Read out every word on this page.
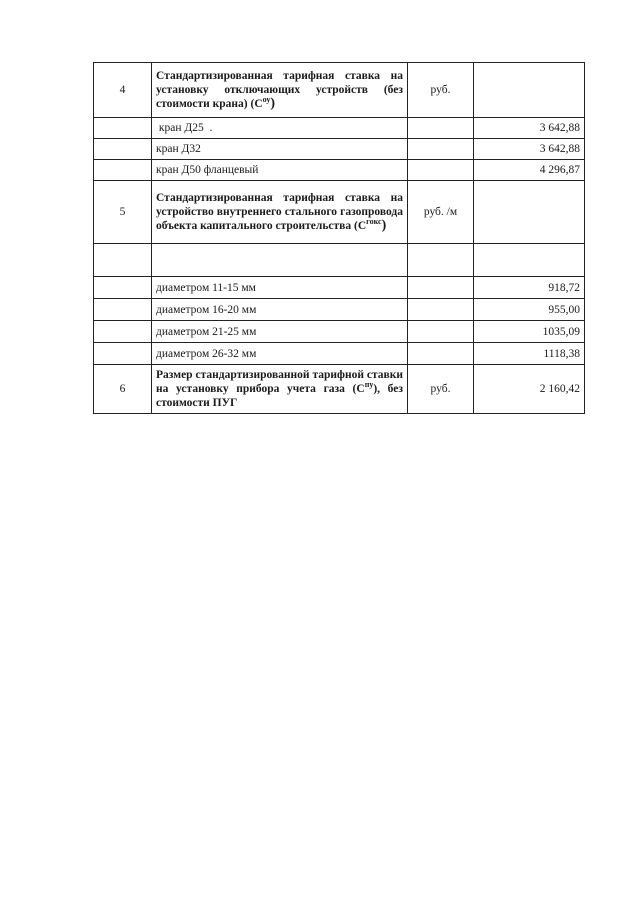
4	Стандартизированная тарифная ставка на установку отключающих устройств (без стоимости крана) $(C^{оу})$	руб.	
	кран Д25  .		3 642,88
	кран Д32		3 642,88
	кран Д50 фланцевый		4 296,87
5	Стандартизированная тарифная ставка на устройство внутреннего стального газопровода объекта капитального строительства $(C^{гокс})$	руб. /м	

	диаметром 11-15 мм		918,72
	диаметром 16-20 мм		955,00
	диаметром 21-25 мм		1035,09
	диаметром 26-32 мм		1118,38
6	Размер стандартизированной тарифной ставки на установку прибора учета газа $(C^{пу})$, без стоимости ПУГ	руб.	2 160,42
